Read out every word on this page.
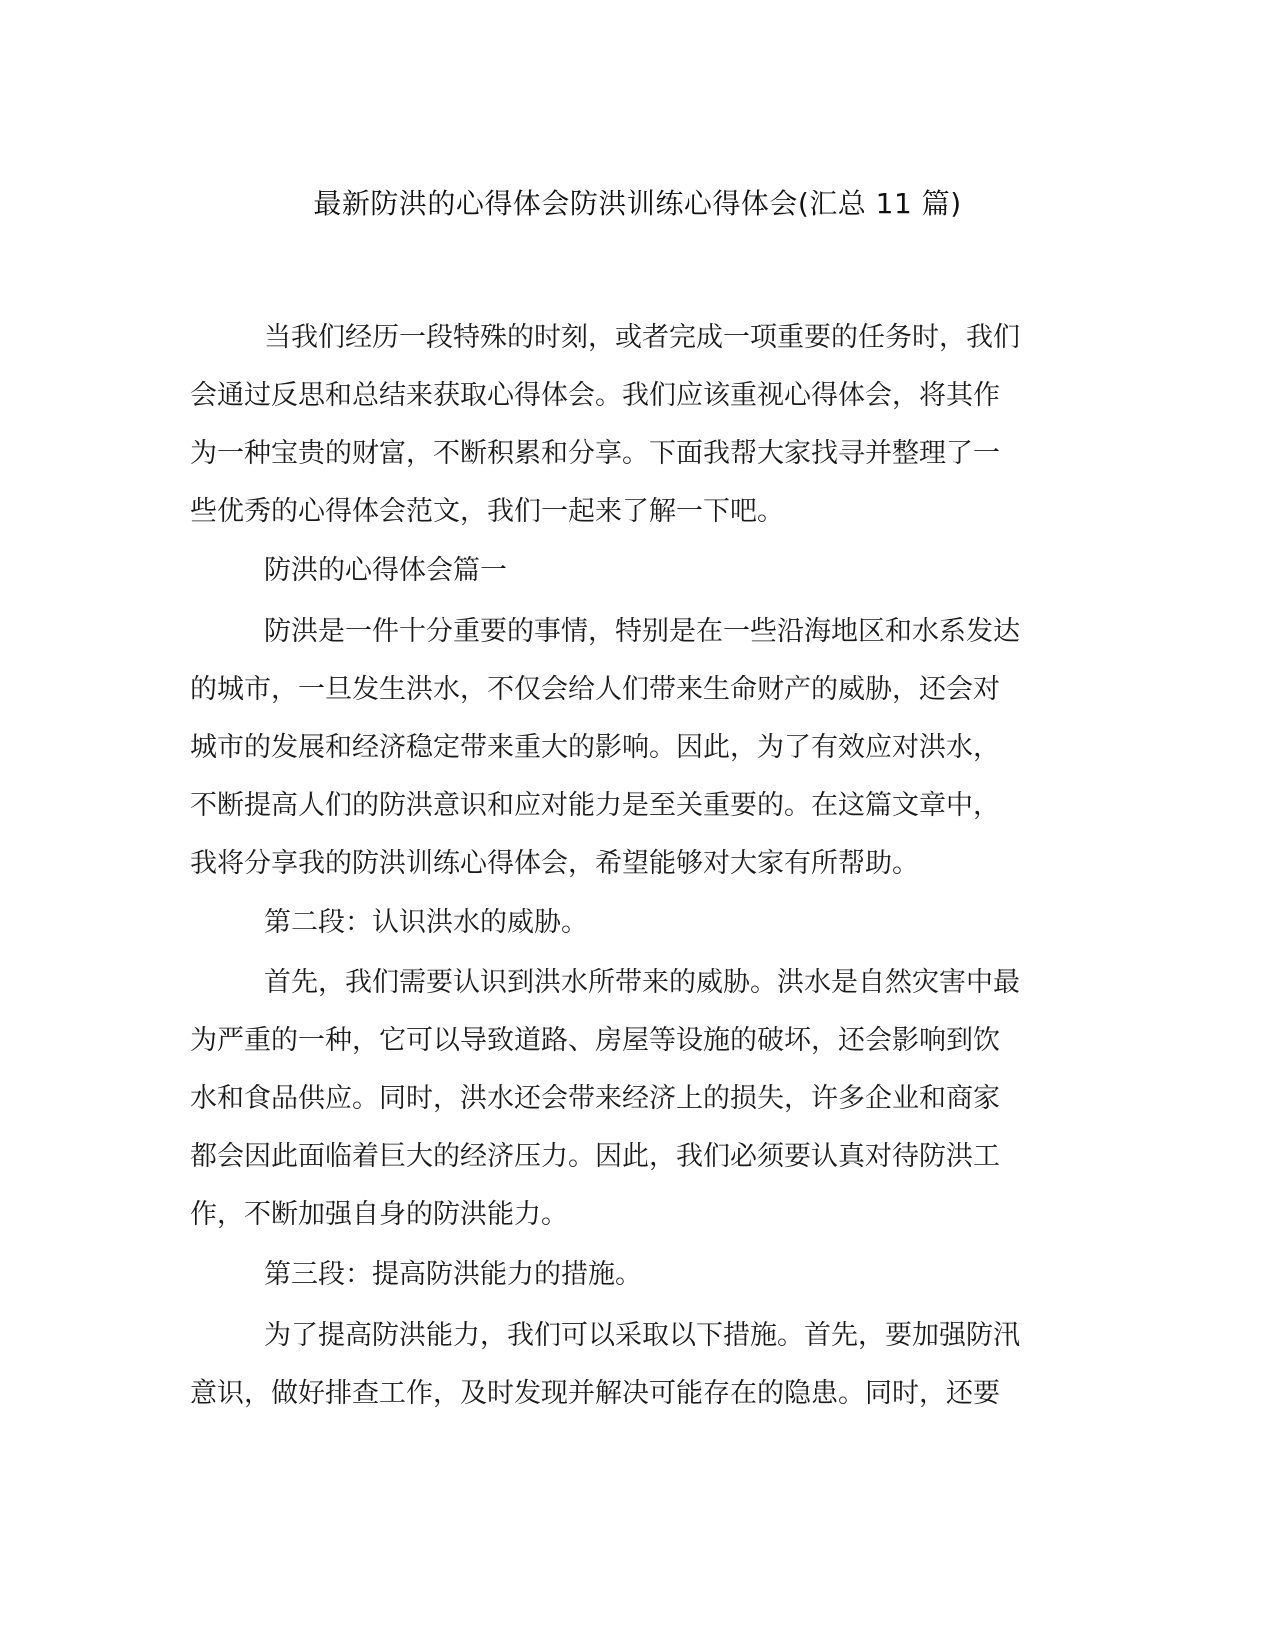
最新防洪的心得体会防洪训练心得体会(汇总 11 篇)
当我们经历一段特殊的时刻，或者完成一项重要的任务时，我们
会通过反思和总结来获取心得体会。我们应该重视心得体会，将其作
为一种宝贵的财富，不断积累和分享。下面我帮大家找寻并整理了一
些优秀的心得体会范文，我们一起来了解一下吧。
防洪的心得体会篇一
防洪是一件十分重要的事情，特别是在一些沿海地区和水系发达
的城市，一旦发生洪水，不仅会给人们带来生命财产的威胁，还会对
城市的发展和经济稳定带来重大的影响。因此，为了有效应对洪水，
不断提高人们的防洪意识和应对能力是至关重要的。在这篇文章中，
我将分享我的防洪训练心得体会，希望能够对大家有所帮助。
第二段：认识洪水的威胁。
首先，我们需要认识到洪水所带来的威胁。洪水是自然灾害中最
为严重的一种，它可以导致道路、房屋等设施的破坏，还会影响到饮
水和食品供应。同时，洪水还会带来经济上的损失，许多企业和商家
都会因此面临着巨大的经济压力。因此，我们必须要认真对待防洪工
作，不断加强自身的防洪能力。
第三段：提高防洪能力的措施。
为了提高防洪能力，我们可以采取以下措施。首先，要加强防汛
意识，做好排查工作，及时发现并解决可能存在的隐患。同时，还要
